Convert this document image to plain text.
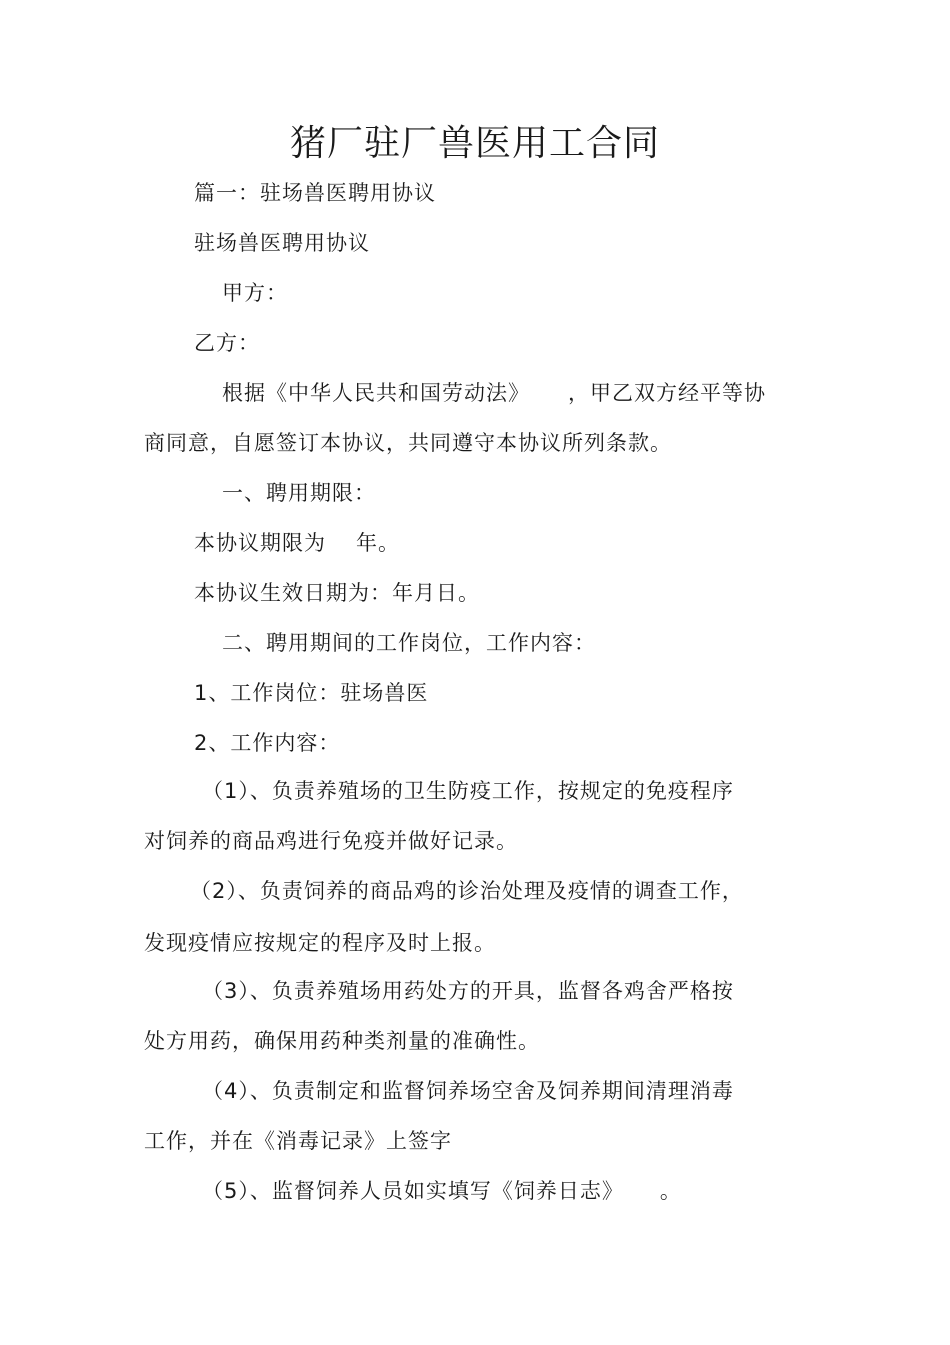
猪厂驻厂兽医用工合同
篇一：驻场兽医聘用协议
驻场兽医聘用协议
甲方：
乙方：
根据《中华人民共和国劳动法》 ，甲乙双方经平等协
商同意，自愿签订本协议，共同遵守本协议所列条款。
一、聘用期限：
本协议期限为 年。
本协议生效日期为：年月日。
二、聘用期间的工作岗位，工作内容：
1、工作岗位：驻场兽医
2、工作内容：
（1）、负责养殖场的卫生防疫工作，按规定的免疫程序
对饲养的商品鸡进行免疫并做好记录。
（2）、负责饲养的商品鸡的诊治处理及疫情的调查工作，
发现疫情应按规定的程序及时上报。
（3）、负责养殖场用药处方的开具，监督各鸡舍严格按
处方用药，确保用药种类剂量的准确性。
（4）、负责制定和监督饲养场空舍及饲养期间清理消毒
工作，并在《消毒记录》上签字
（5）、监督饲养人员如实填写《饲养日志》 。
